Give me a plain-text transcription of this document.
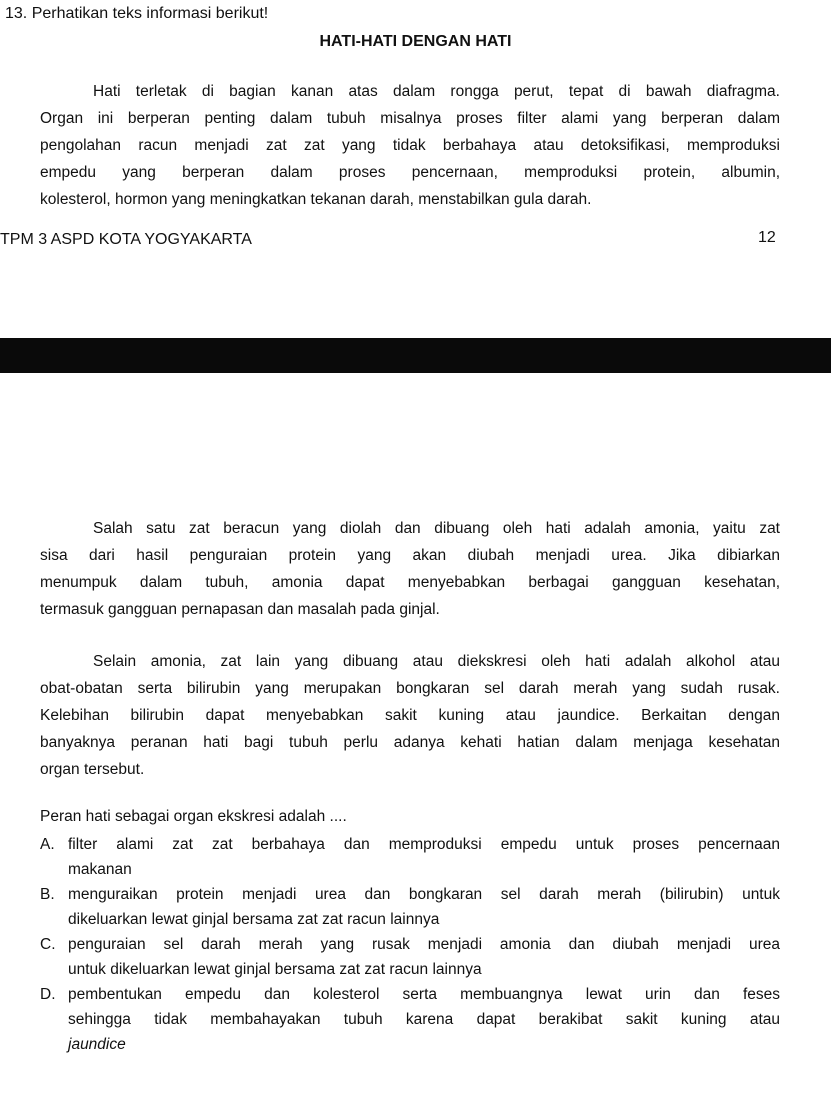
13. Perhatikan teks informasi berikut!
HATI-HATI DENGAN HATI
Hati terletak di bagian kanan atas dalam rongga perut, tepat di bawah diafragma.
Organ ini berperan penting dalam tubuh misalnya proses filter alami yang berperan dalam
pengolahan racun menjadi zat zat yang tidak berbahaya atau detoksifikasi, memproduksi
empedu yang berperan dalam proses pencernaan, memproduksi protein, albumin,
kolesterol, hormon yang meningkatkan tekanan darah, menstabilkan gula darah.
TPM 3 ASPD KOTA YOGYAKARTA	12
Salah satu zat beracun yang diolah dan dibuang oleh hati adalah amonia, yaitu zat
sisa dari hasil penguraian protein yang akan diubah menjadi urea. Jika dibiarkan
menumpuk dalam tubuh, amonia dapat menyebabkan berbagai gangguan kesehatan,
termasuk gangguan pernapasan dan masalah pada ginjal.
Selain amonia, zat lain yang dibuang atau diekskresi oleh hati adalah alkohol atau
obat-obatan serta bilirubin yang merupakan bongkaran sel darah merah yang sudah rusak.
Kelebihan bilirubin dapat menyebabkan sakit kuning atau jaundice. Berkaitan dengan
banyaknya peranan hati bagi tubuh perlu adanya kehati hatian dalam menjaga kesehatan
organ tersebut.
Peran hati sebagai organ ekskresi adalah ....
A. filter alami zat zat berbahaya dan memproduksi empedu untuk proses pencernaan
makanan
B. menguraikan protein menjadi urea dan bongkaran sel darah merah (bilirubin) untuk
dikeluarkan lewat ginjal bersama zat zat racun lainnya
C. penguraian sel darah merah yang rusak menjadi amonia dan diubah menjadi urea
untuk dikeluarkan lewat ginjal bersama zat zat racun lainnya
D. pembentukan empedu dan kolesterol serta membuangnya lewat urin dan feses
sehingga tidak membahayakan tubuh karena dapat berakibat sakit kuning atau
jaundice
